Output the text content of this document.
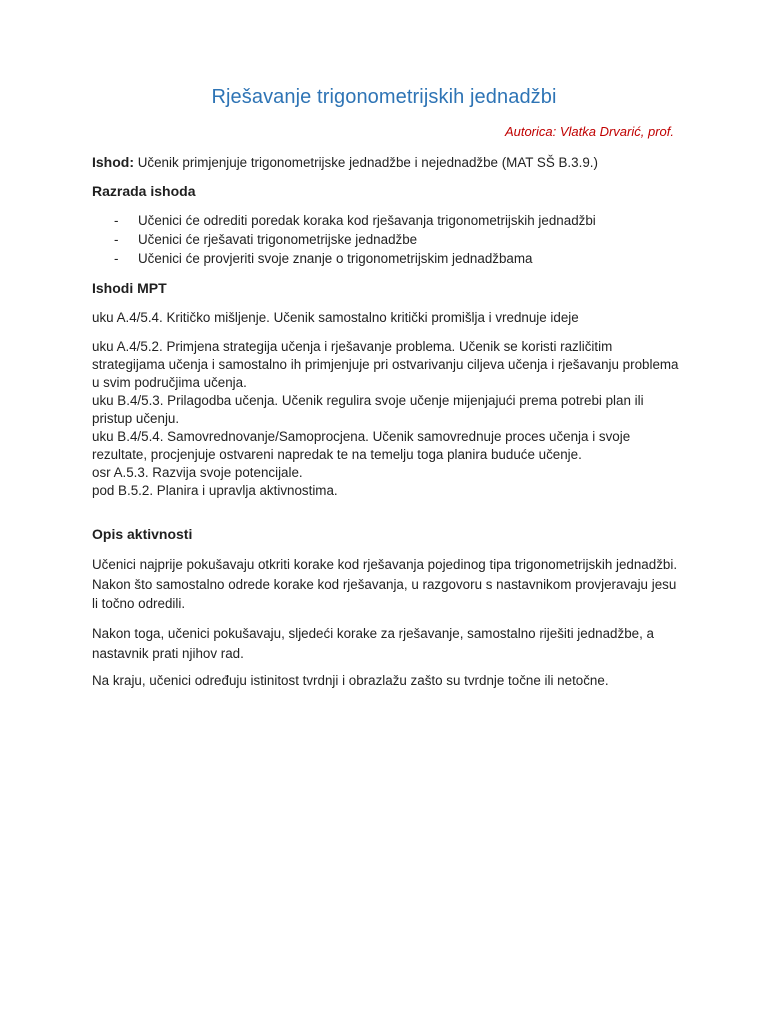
Rješavanje trigonometrijskih jednadžbi

Autorica: Vlatka Drvarić, prof.

Ishod: Učenik primjenjuje trigonometrijske jednadžbe i nejednadžbe (MAT SŠ B.3.9.)

Razrada ishoda
- Učenici će odrediti poredak koraka kod rješavanja trigonometrijskih jednadžbi
- Učenici će rješavati trigonometrijske jednadžbe
- Učenici će provjeriti svoje znanje o trigonometrijskim jednadžbama
Ishodi MPT

uku A.4/5.4. Kritičko mišljenje. Učenik samostalno kritički promišlja i vrednuje ideje

uku A.4/5.2. Primjena strategija učenja i rješavanje problema. Učenik se koristi različitim strategijama učenja i samostalno ih primjenjuje pri ostvarivanju ciljeva učenja i rješavanju problema u svim područjima učenja.
uku B.4/5.3. Prilagodba učenja. Učenik regulira svoje učenje mijenjajući prema potrebi plan ili pristup učenju.
uku B.4/5.4. Samovrednovanje/Samoprocjena. Učenik samovrednuje proces učenja i svoje rezultate, procjenjuje ostvareni napredak te na temelju toga planira buduće učenje.
osr A.5.3. Razvija svoje potencijale.
pod B.5.2. Planira i upravlja aktivnostima.

Opis aktivnosti

Učenici najprije pokušavaju otkriti korake kod rješavanja pojedinog tipa trigonometrijskih jednadžbi. Nakon što samostalno odrede korake kod rješavanja, u razgovoru s nastavnikom provjeravaju jesu li točno odredili.

Nakon toga, učenici pokušavaju, sljedeći korake za rješavanje, samostalno riješiti jednadžbe, a nastavnik prati njihov rad.

Na kraju, učenici određuju istinitost tvrdnji i obrazlažu zašto su tvrdnje točne ili netočne.
